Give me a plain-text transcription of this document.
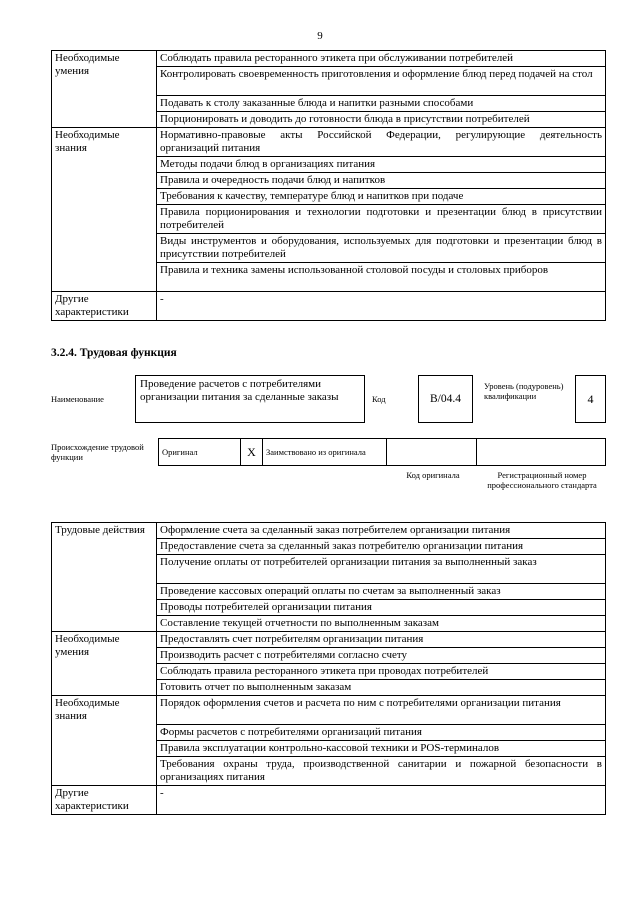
9
Необходимые умения	Соблюдать правила ресторанного этикета при обслуживании потребителей
	Контролировать своевременность приготовления и оформление блюд перед подачей на стол
	Подавать к столу заказанные блюда и напитки разными способами
	Порционировать и доводить до готовности блюда в присутствии потребителей
Необходимые знания	Нормативно-правовые акты Российской Федерации, регулирующие деятельность организаций питания
	Методы подачи блюд в организациях питания
	Правила и очередность подачи блюд и напитков
	Требования к качеству, температуре блюд и напитков при подаче
	Правила порционирования и технологии подготовки и презентации блюд в присутствии потребителей
	Виды инструментов и оборудования, используемых для подготовки и презентации блюд в присутствии потребителей
	Правила и техника замены использованной столовой посуды и столовых приборов
Другие характеристики	-
3.2.4. Трудовая функция
Наименование
Проведение расчетов с потребителями организации питания за сделанные заказы	Код	B/04.4
Уровень (подуровень) квалификации	4
Происхождение трудовой функции	Оригинал	X	Заимствовано из оригинала		
Код оригинала	Регистрационный номер профессионального стандарта
Трудовые действия	Оформление счета за сделанный заказ потребителем организации питания
	Предоставление счета за сделанный заказ потребителю организации питания
	Получение оплаты от потребителей организации питания за выполненный заказ
	Проведение кассовых операций оплаты по счетам за выполненный заказ
	Проводы потребителей организации питания
	Составление текущей отчетности по выполненным заказам
Необходимые умения	Предоставлять счет потребителям организации питания
	Производить расчет с потребителями согласно счету
	Соблюдать правила ресторанного этикета при проводах потребителей
	Готовить отчет по выполненным заказам
Необходимые знания	Порядок оформления счетов и расчета по ним с потребителями организации питания
	Формы расчетов с потребителями организаций питания
	Правила эксплуатации контрольно-кассовой техники и POS-терминалов
	Требования охраны труда, производственной санитарии и пожарной безопасности в организациях питания
Другие характеристики	-
